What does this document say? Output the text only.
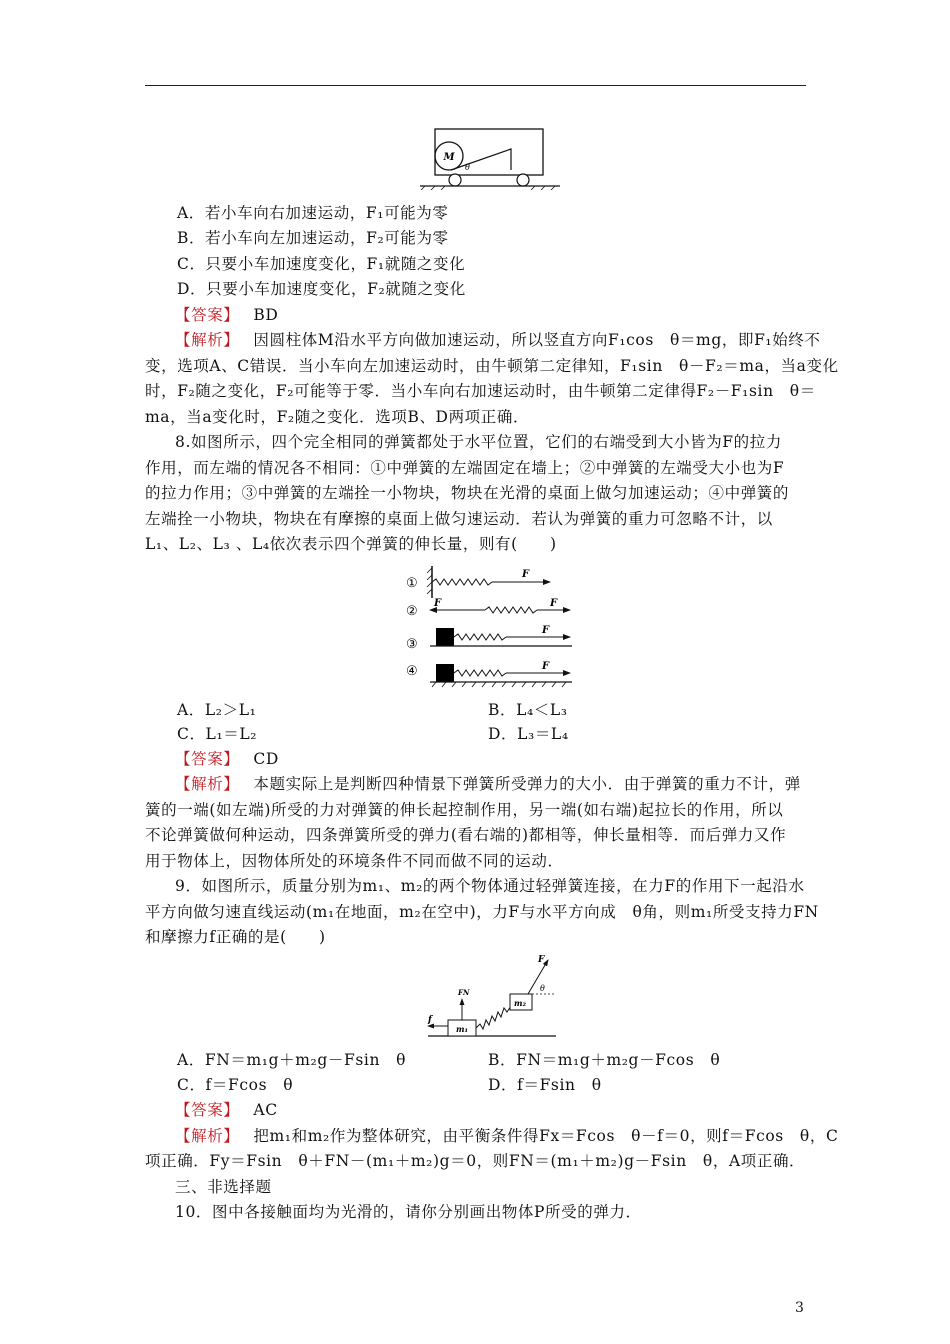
M
θ
A．若小车向右加速运动，F₁可能为零
B．若小车向左加速运动，F₂可能为零
C．只要小车加速度变化，F₁就随之变化
D．只要小车加速度变化，F₂就随之变化
【答案】 BD
【解析】 因圆柱体M沿水平方向做加速运动，所以竖直方向F₁cos　θ＝mg，即F₁始终不
变，选项A、C错误．当小车向左加速运动时，由牛顿第二定律知，F₁sin　θ－F₂＝ma，当a变化
时，F₂随之变化，F₂可能等于零．当小车向右加速运动时，由牛顿第二定律得F₂－F₁sin　θ＝
ma，当a变化时，F₂随之变化．选项B、D两项正确．
8.如图所示，四个完全相同的弹簧都处于水平位置，它们的右端受到大小皆为F的拉力
作用，而左端的情况各不相同：①中弹簧的左端固定在墙上；②中弹簧的左端受大小也为F
的拉力作用；③中弹簧的左端拴一小物块，物块在光滑的桌面上做匀加速运动；④中弹簧的
左端拴一小物块，物块在有摩擦的桌面上做匀速运动．若认为弹簧的重力可忽略不计，以
L₁、L₂、L₃ 、L₄依次表示四个弹簧的伸长量，则有(　　)
①
F
②
F	F
③
F
④	F
A．L₂＞L₁	B．L₄＜L₃
C．L₁＝L₂	D．L₃＝L₄
【答案】 CD
【解析】 本题实际上是判断四种情景下弹簧所受弹力的大小．由于弹簧的重力不计，弹
簧的一端(如左端)所受的力对弹簧的伸长起控制作用，另一端(如右端)起拉长的作用，所以
不论弹簧做何种运动，四条弹簧所受的弹力(看右端的)都相等，伸长量相等．而后弹力又作
用于物体上，因物体所处的环境条件不同而做不同的运动．
9．如图所示，质量分别为m₁、m₂的两个物体通过轻弹簧连接，在力F的作用下一起沿水
平方向做匀速直线运动(m₁在地面，m₂在空中)，力F与水平方向成　θ角，则m₁所受支持力FN
和摩擦力f正确的是(　　)
m₁
f
FN
m₂
F
θ
A．FN＝m₁g＋m₂g－Fsin　θ	B．FN＝m₁g＋m₂g－Fcos　θ
C．f＝Fcos　θ	D．f＝Fsin　θ
【答案】 AC
【解析】 把m₁和m₂作为整体研究，由平衡条件得Fx＝Fcos　θ－f＝0，则f＝Fcos　θ，C
项正确．Fy＝Fsin　θ＋FN－(m₁＋m₂)g＝0，则FN＝(m₁＋m₂)g－Fsin　θ，A项正确．
三、非选择题
10．图中各接触面均为光滑的，请你分别画出物体P所受的弹力．
3
